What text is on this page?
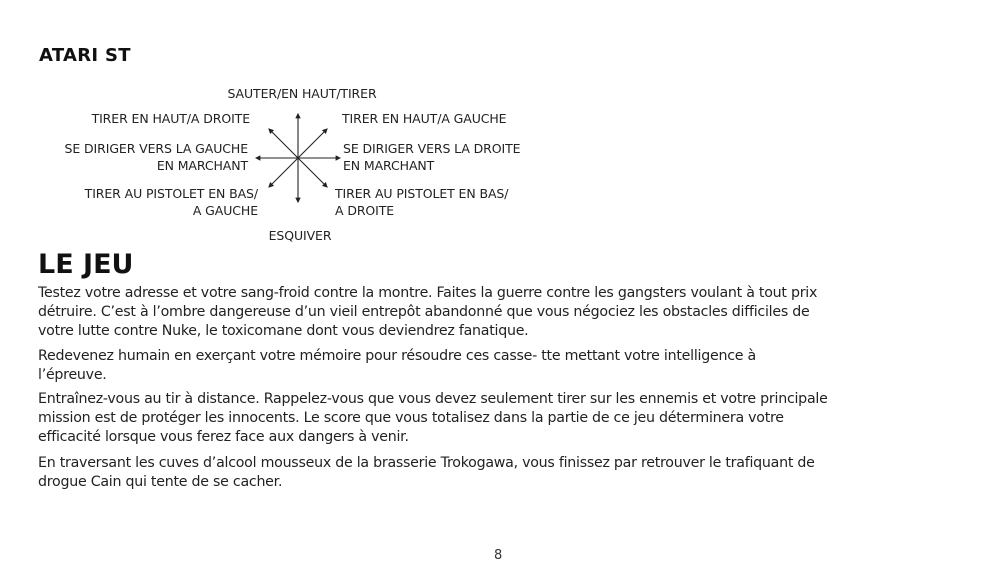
ATARI ST
SAUTER/EN HAUT/TIRER
TIRER EN HAUT/A DROITE	TIRER EN HAUT/A GAUCHE
SE DIRIGER VERS LA GAUCHE
EN MARCHANT
SE DIRIGER VERS LA DROITE
EN MARCHANT
TIRER AU PISTOLET EN BAS/
A GAUCHE
TIRER AU PISTOLET EN BAS/
A DROITE
ESQUIVER
LE JEU
Testez votre adresse et votre sang-froid contre la montre. Faites la guerre contre les gangsters voulant à tout prix
détruire. C’est à l’ombre dangereuse d’un vieil entrepôt abandonné que vous négociez les obstacles difficiles de
votre lutte contre Nuke, le toxicomane dont vous deviendrez fanatique.
Redevenez humain en exerçant votre mémoire pour résoudre ces casse- tte mettant votre intelligence à
l’épreuve.
Entraînez-vous au tir à distance. Rappelez-vous que vous devez seulement tirer sur les ennemis et votre principale
mission est de protéger les innocents. Le score que vous totalisez dans la partie de ce jeu déterminera votre
efficacité lorsque vous ferez face aux dangers à venir.
En traversant les cuves d’alcool mousseux de la brasserie Trokogawa, vous finissez par retrouver le trafiquant de
drogue Cain qui tente de se cacher.
8
